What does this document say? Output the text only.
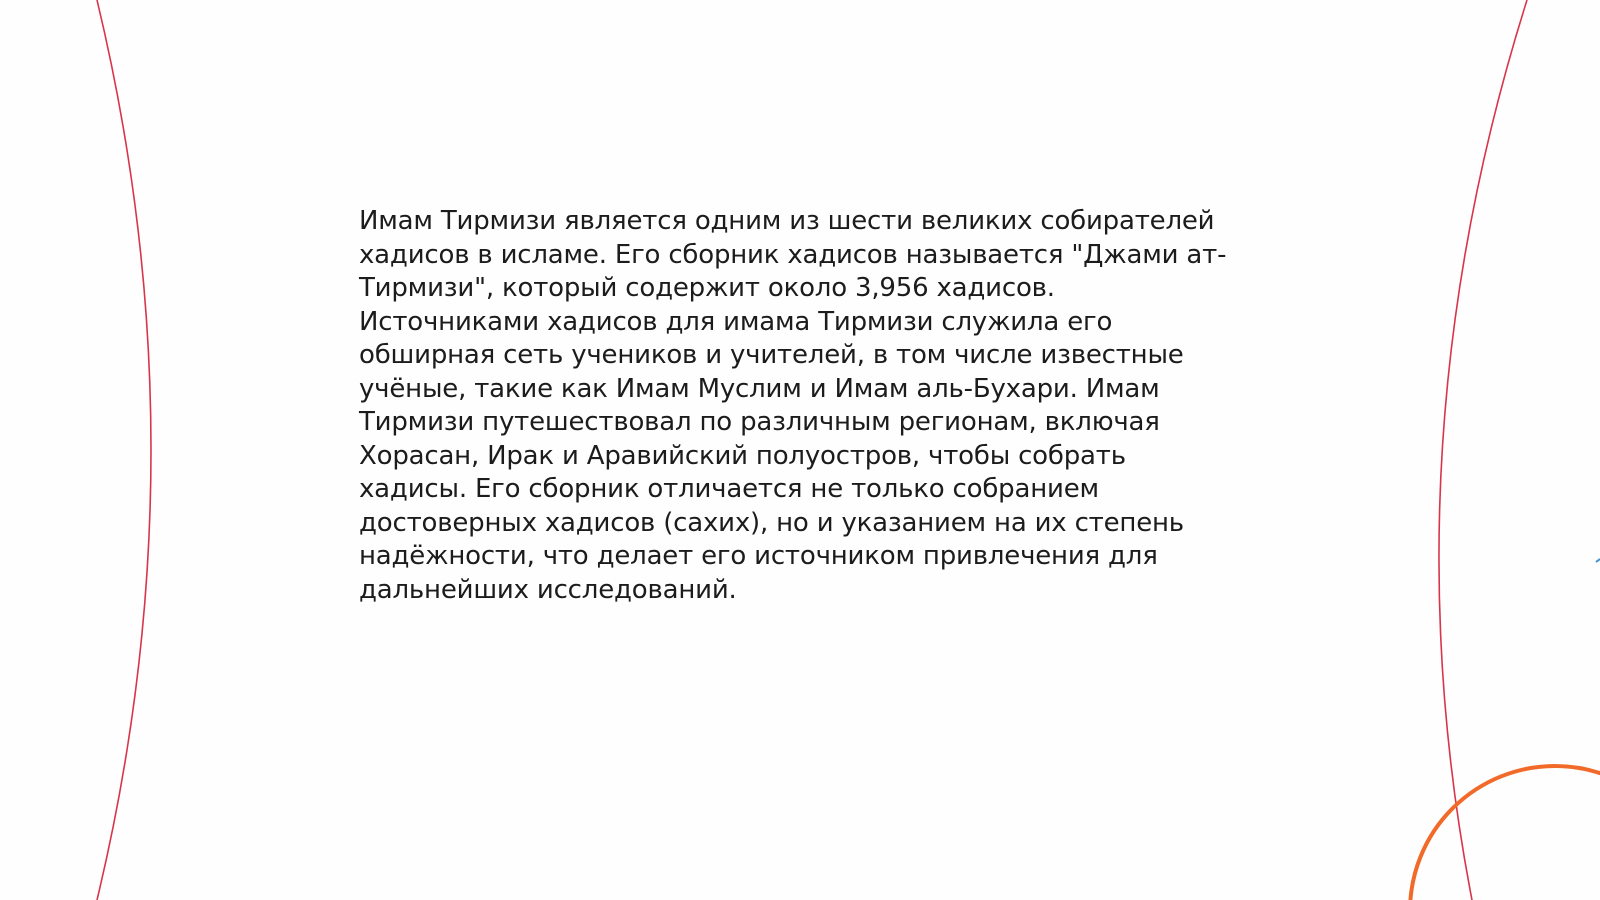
Имам Тирмизи является одним из шести великих собирателей
хадисов в исламе. Его сборник хадисов называется "Джами ат-
Тирмизи", который содержит около 3,956 хадисов.
Источниками хадисов для имама Тирмизи служила его
обширная сеть учеников и учителей, в том числе известные
учёные, такие как Имам Муслим и Имам аль-Бухари. Имам
Тирмизи путешествовал по различным регионам, включая
Хорасан, Ирак и Аравийский полуостров, чтобы собрать
хадисы. Его сборник отличается не только собранием
достоверных хадисов (сахих), но и указанием на их степень
надёжности, что делает его источником привлечения для
дальнейших исследований.
